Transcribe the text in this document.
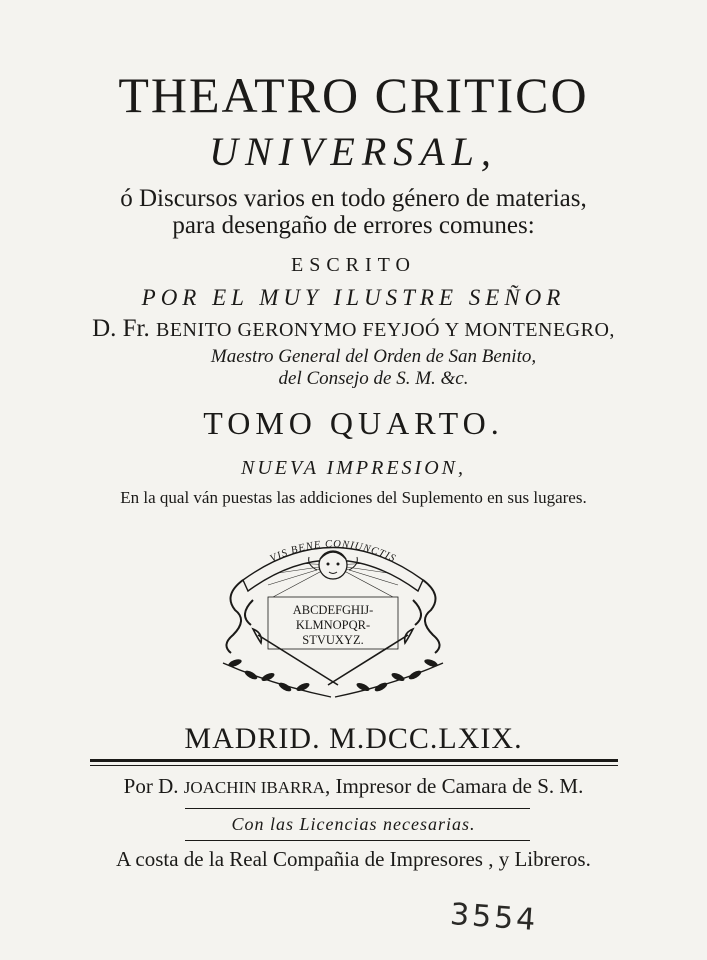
THEATRO CRITICO
UNIVERSAL,
ó Discursos varios en todo género de materias,
para desengaño de errores comunes:
ESCRITO
POR EL MUY ILUSTRE SEÑOR
D. Fr. BENITO GERONYMO FEYJOÓ Y MONTENEGRO,
Maestro General del Orden de San Benito,
del Consejo de S. M. &c.
TOMO QUARTO.
NUEVA IMPRESION,
En la qual ván puestas las addiciones del Suplemento en sus lugares.
VIS BENE CONIUNCTIS
ABCDEFGHIJ-
KLMNOPQR-
STVUXYZ.
MADRID. M.DCC.LXIX.
Por D. JOACHIN IBARRA, Impresor de Camara de S. M.
Con las Licencias necesarias.
A costa de la Real Compañia de Impresores , y Libreros.
3554
